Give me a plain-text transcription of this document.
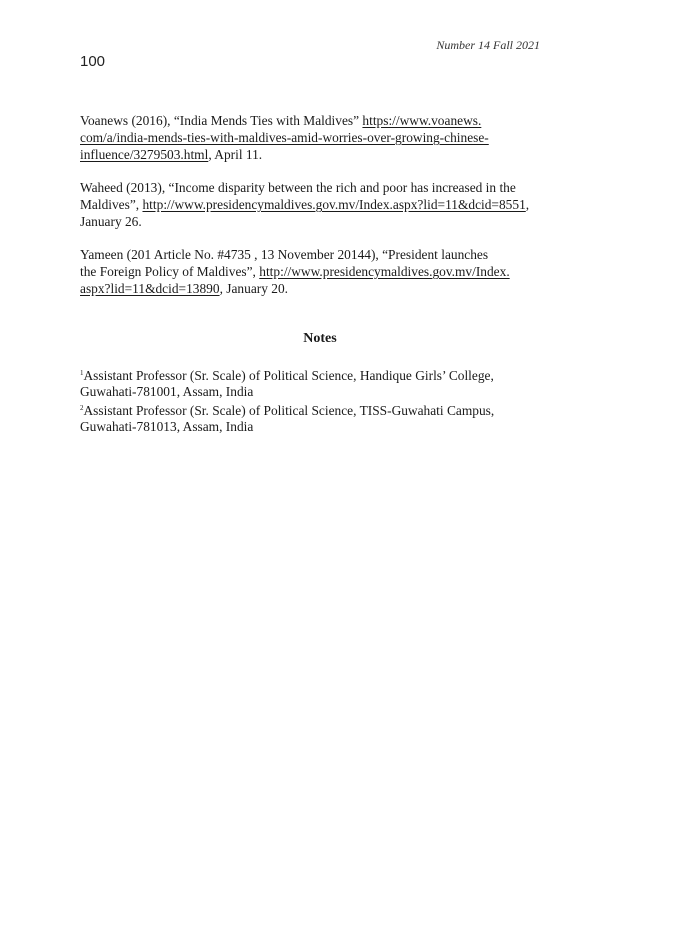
Number 14 Fall 2021
100
Voanews (2016), “India Mends Ties with Maldives” https://www.voanews.
com/a/india-mends-ties-with-maldives-amid-worries-over-growing-chinese-
influence/3279503.html, April 11.
Waheed (2013), “Income disparity between the rich and poor has increased in the
Maldives”, http://www.presidencymaldives.gov.mv/Index.aspx?lid=11&dcid=8551,
January 26.
Yameen (201 Article No. #4735 , 13 November 20144), “President launches
the Foreign Policy of Maldives”, http://www.presidencymaldives.gov.mv/Index.
aspx?lid=11&dcid=13890, January 20.
Notes
$^1$Assistant Professor (Sr. Scale) of Political Science, Handique Girls’ College,
Guwahati-781001, Assam, India
$^2$Assistant Professor (Sr. Scale) of Political Science, TISS-Guwahati Campus,
Guwahati-781013, Assam, India
